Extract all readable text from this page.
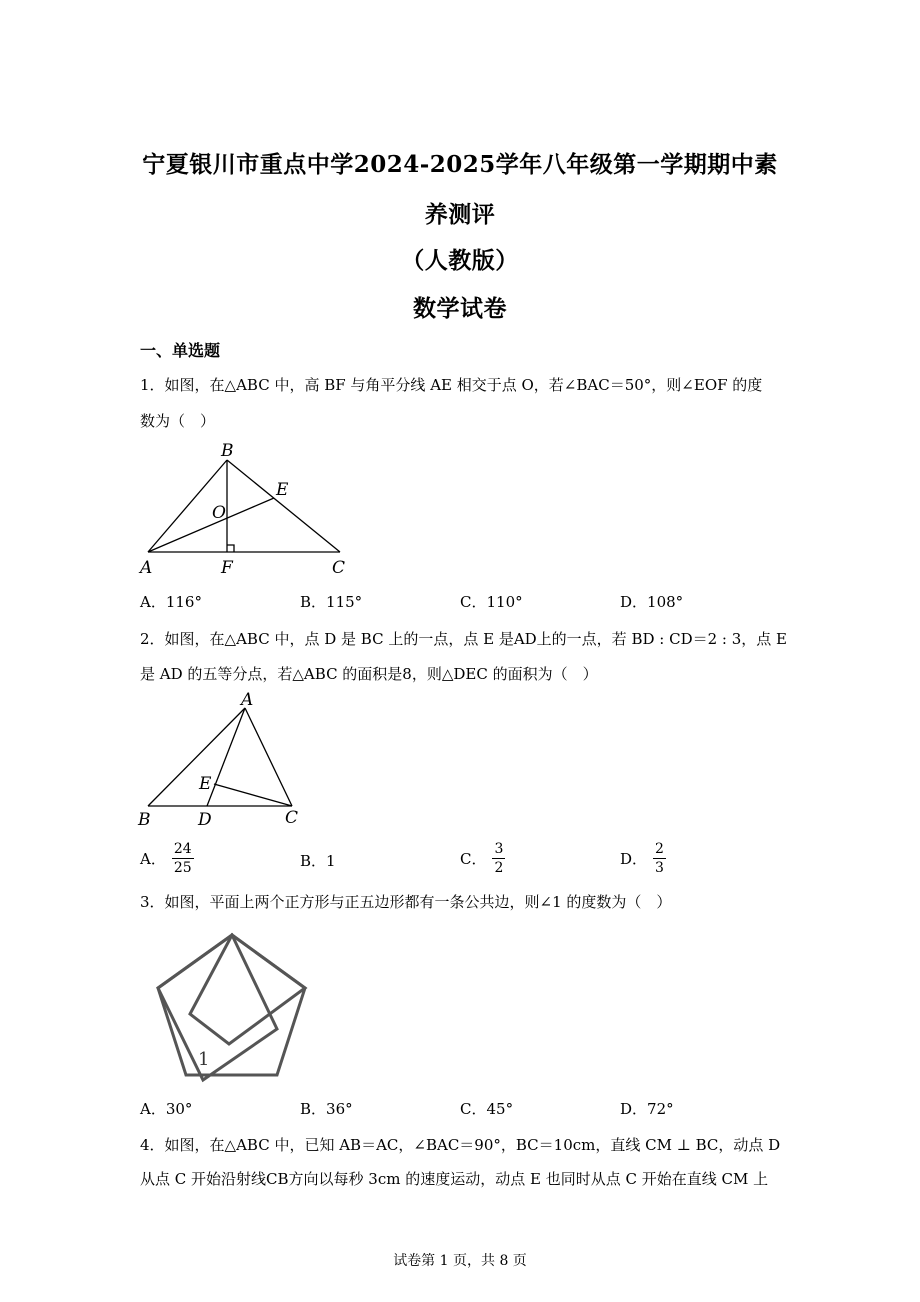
宁夏银川市重点中学2024-2025学年八年级第一学期期中素
养测评
（人教版）
数学试卷
一、单选题
1．如图，在△ABC 中，高 BF 与角平分线 AE 相交于点 O，若∠BAC＝50°，则∠EOF 的度
数为（　）
B
E
O
A	F	C
A．116°	B．115°	C．110°	D．108°
2．如图，在△ABC 中，点 D 是 BC 上的一点，点 E 是AD上的一点，若 BD : CD＝2 : 3，点 E
是 AD 的五等分点，若△ABC 的面积是8，则△DEC 的面积为（　）
A
E
B	D	C
A． $\frac{24}{25}$	B．1	C． $\frac{3}{2}$	D． $\frac{2}{3}$
3．如图，平面上两个正方形与正五边形都有一条公共边，则∠1 的度数为（　）
1
A．30°	B．36°	C．45°	D．72°
4．如图，在△ABC 中，已知 AB＝AC，∠BAC＝90°，BC＝10cm，直线 CM ⊥ BC，动点 D
从点 C 开始沿射线CB方向以每秒 3cm 的速度运动，动点 E 也同时从点 C 开始在直线 CM 上
试卷第 1 页，共 8 页
